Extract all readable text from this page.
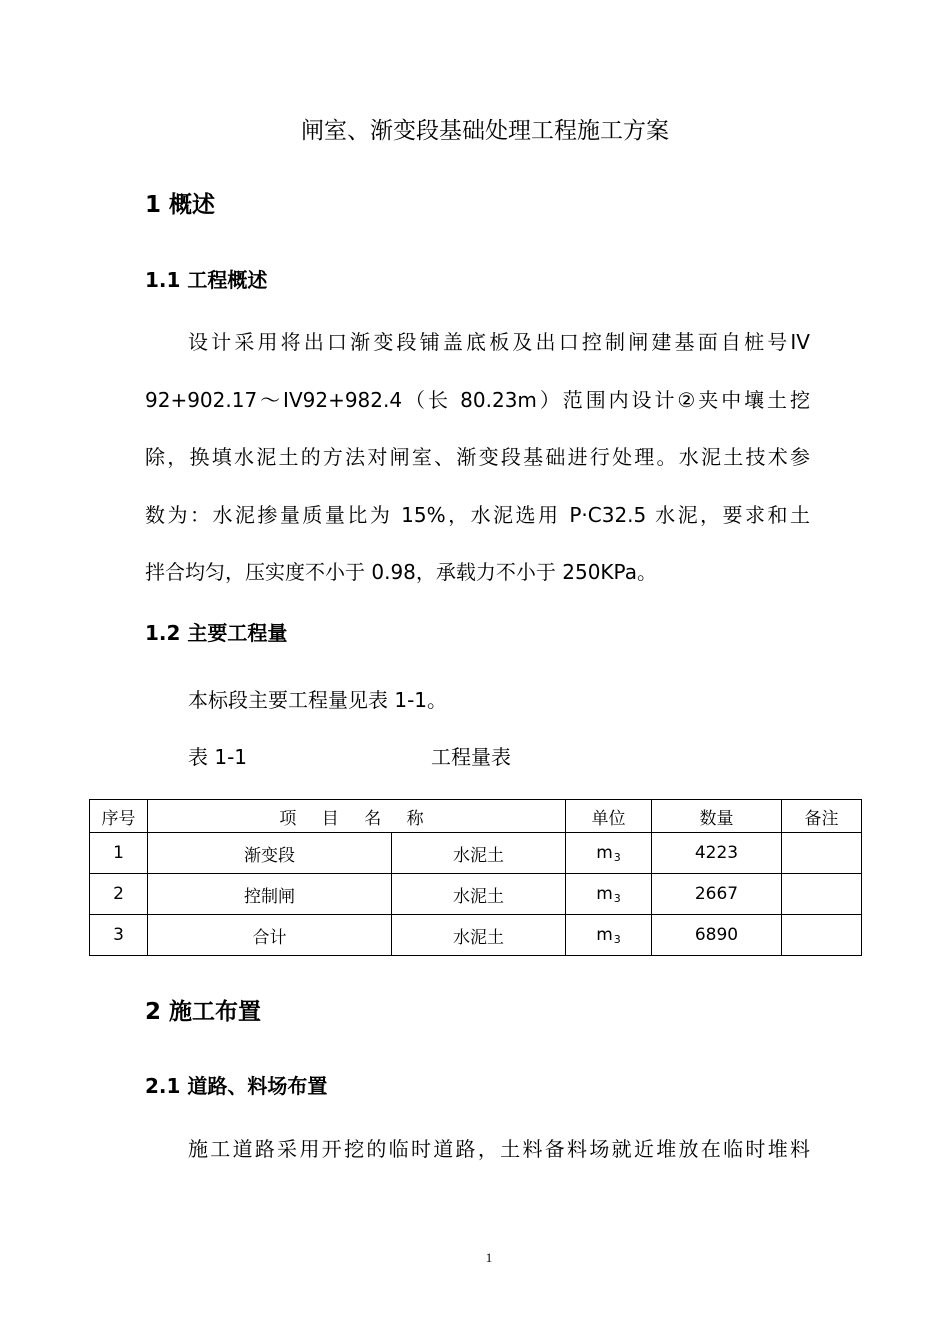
闸室、渐变段基础处理工程施工方案
1 概述
1.1 工程概述
设计采用将出口渐变段铺盖底板及出口控制闸建基面自桩号IV
92+902.17～IV92+982.4（长 80.23m）范围内设计②夹中壤土挖
除，换填水泥土的方法对闸室、渐变段基础进行处理。水泥土技术参
数为：水泥掺量质量比为 15%，水泥选用 P·C32.5 水泥，要求和土
拌合均匀，压实度不小于 0.98，承载力不小于 250KPa。
1.2 主要工程量
本标段主要工程量见表 1-1。
表 1-1	工程量表
序号	项 目 名 称		单位	数量	备注
1	渐变段	水泥土	$m_3$	4223	
2	控制闸	水泥土	$m_3$	2667	
3	合计	水泥土	$m_3$	6890	
2 施工布置
2.1 道路、料场布置
施工道路采用开挖的临时道路，土料备料场就近堆放在临时堆料
1
